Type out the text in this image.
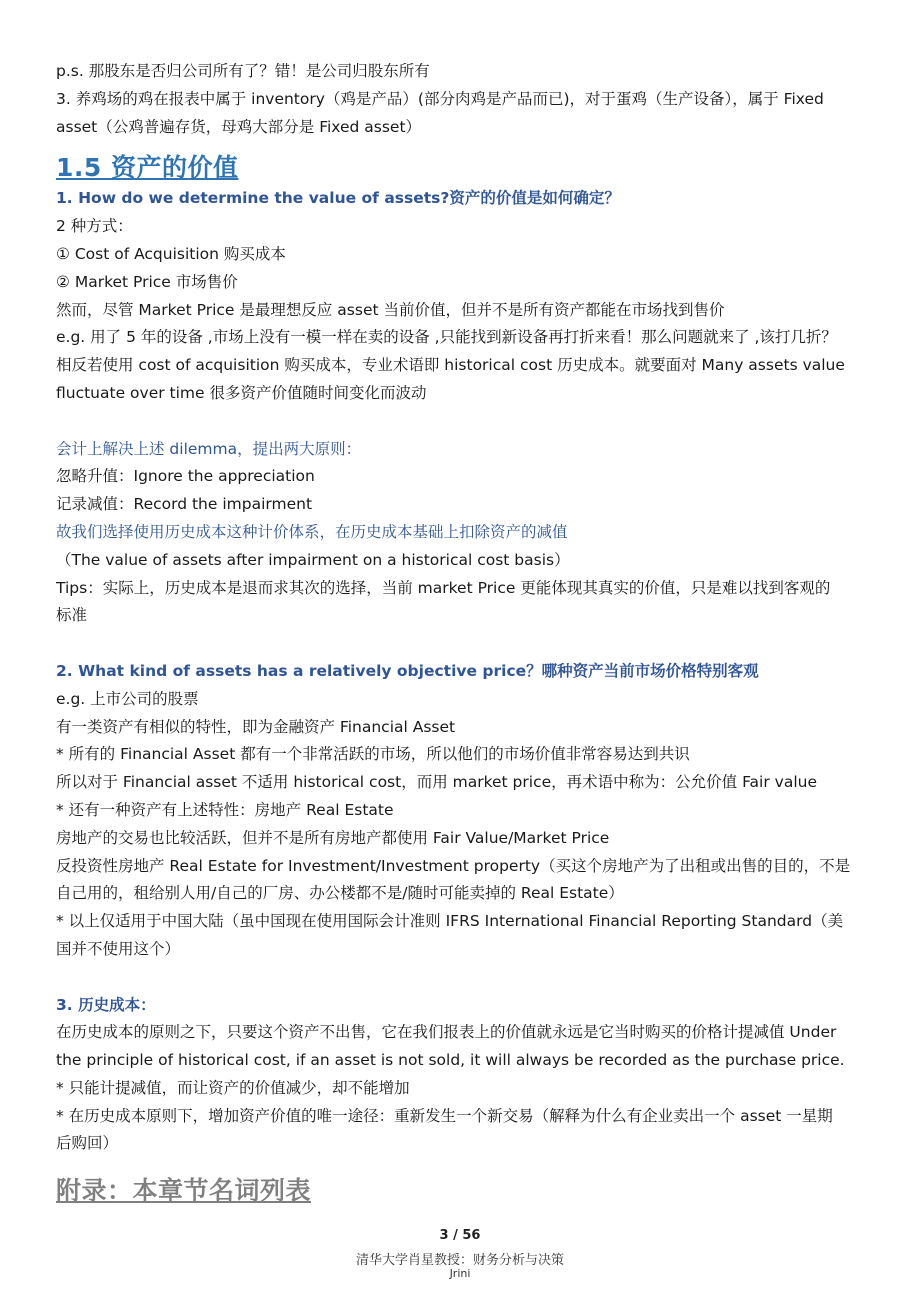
p.s. 那股东是否归公司所有了？错！是公司归股东所有
3. 养鸡场的鸡在报表中属于 inventory（鸡是产品）(部分肉鸡是产品而已)，对于蛋鸡（生产设备），属于 Fixed
asset（公鸡普遍存货，母鸡大部分是 Fixed asset）
1.5 资产的价值
1. How do we determine the value of assets?资产的价值是如何确定？
2 种方式：
① Cost of Acquisition 购买成本
② Market Price 市场售价
然而，尽管 Market Price 是最理想反应 asset 当前价值，但并不是所有资产都能在市场找到售价
e.g. 用了 5 年的设备 ,市场上没有一模一样在卖的设备 ,只能找到新设备再打折来看！那么问题就来了 ,该打几折？
相反若使用 cost of acquisition 购买成本，专业术语即 historical cost 历史成本。就要面对 Many assets value
fluctuate over time 很多资产价值随时间变化而波动
会计上解决上述 dilemma，提出两大原则：
忽略升值：Ignore the appreciation
记录减值：Record the impairment
故我们选择使用历史成本这种计价体系，在历史成本基础上扣除资产的减值
（The value of assets after impairment on a historical cost basis）
Tips：实际上，历史成本是退而求其次的选择，当前 market Price 更能体现其真实的价值，只是难以找到客观的
标准
2. What kind of assets has a relatively objective price？哪种资产当前市场价格特别客观
e.g. 上市公司的股票
有一类资产有相似的特性，即为金融资产 Financial Asset
* 所有的 Financial Asset 都有一个非常活跃的市场，所以他们的市场价值非常容易达到共识
所以对于 Financial asset 不适用 historical cost，而用 market price，再术语中称为：公允价值 Fair value
* 还有一种资产有上述特性：房地产 Real Estate
房地产的交易也比较活跃，但并不是所有房地产都使用 Fair Value/Market Price
反投资性房地产 Real Estate for Investment/Investment property（买这个房地产为了出租或出售的目的，不是
自己用的，租给别人用/自己的厂房、办公楼都不是/随时可能卖掉的 Real Estate）
* 以上仅适用于中国大陆（虽中国现在使用国际会计准则 IFRS International Financial Reporting Standard（美
国并不使用这个）
3. 历史成本：
在历史成本的原则之下，只要这个资产不出售，它在我们报表上的价值就永远是它当时购买的价格计提减值 Under
the principle of historical cost, if an asset is not sold, it will always be recorded as the purchase price.
* 只能计提减值，而让资产的价值减少，却不能增加
* 在历史成本原则下，增加资产价值的唯一途径：重新发生一个新交易（解释为什么有企业卖出一个 asset 一星期
后购回）
附录：本章节名词列表
3 / 56
清华大学肖星教授：财务分析与决策
Jrini
